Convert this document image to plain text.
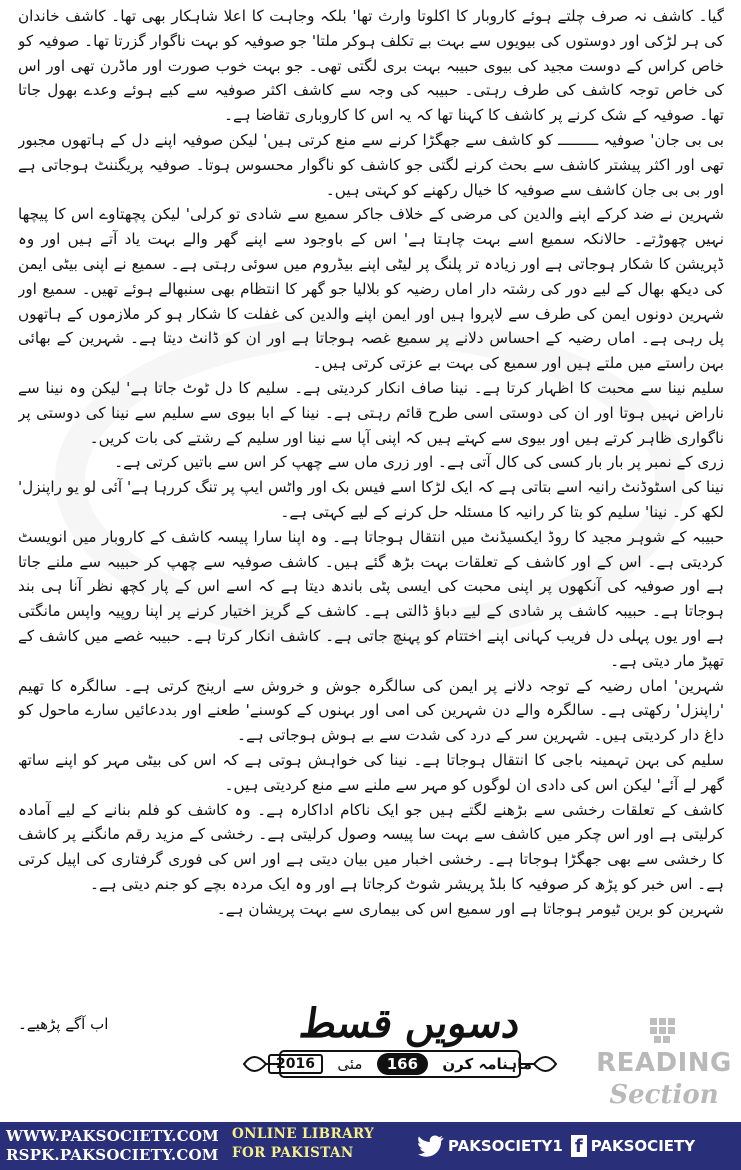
گیا۔ کاشف نہ صرف چلتے ہوئے کاروبار کا اکلوتا وارث تھا' بلکہ وجاہت کا اعلا شاہکار بھی تھا۔ کاشف خاندان کی ہر لڑکی اور دوستوں کی بیویوں سے بہت بے تکلف ہوکر ملتا' جو صوفیہ کو بہت ناگوار گزرتا تھا۔ صوفیہ کو خاص کراس کے دوست مجید کی بیوی حبیبہ بہت بری لگتی تھی۔ جو بہت خوب صورت اور ماڈرن تھی اور اس کی خاص توجہ کاشف کی طرف رہتی۔ حبیبہ کی وجہ سے کاشف اکثر صوفیہ سے کیے ہوئے وعدے بھول جاتا تھا۔ صوفیہ کے شک کرنے پر کاشف کا کہنا تھا کہ یہ اس کا کاروباری تقاضا ہے۔

بی بی جان' صوفیہ ـــــــــ کو کاشف سے جھگڑا کرنے سے منع کرتی ہیں' لیکن صوفیہ اپنے دل کے ہاتھوں مجبور تھی اور اکثر پیشتر کاشف سے بحث کرنے لگتی جو کاشف کو ناگوار محسوس ہوتا۔ صوفیہ پریگننٹ ہوجاتی ہے اور بی بی جان کاشف سے صوفیہ کا خیال رکھنے کو کہتی ہیں۔

شہرین نے ضد کرکے اپنے والدین کی مرضی کے خلاف جاکر سمیع سے شادی تو کرلی' لیکن پچھتاوے اس کا پیچھا نہیں چھوڑتے۔ حالانکہ سمیع اسے بہت چاہتا ہے' اس کے باوجود سے اپنے گھر والے بہت یاد آتے ہیں اور وہ ڈپریشن کا شکار ہوجاتی ہے اور زیادہ تر پلنگ پر لیٹی اپنے بیڈروم میں سوئی رہتی ہے۔ سمیع نے اپنی بیٹی ایمن کی دیکھ بھال کے لیے دور کی رشتہ دار اماں رضیہ کو بلالیا جو گھر کا انتظام بھی سنبھالے ہوئے تھیں۔ سمیع اور شہرین دونوں ایمن کی طرف سے لاپروا ہیں اور ایمن اپنے والدین کی غفلت کا شکار ہو کر ملازموں کے ہاتھوں پل رہی ہے۔ اماں رضیہ کے احساس دلانے پر سمیع غصہ ہوجاتا ہے اور ان کو ڈانٹ دیتا ہے۔ شہرین کے بھائی بہن راستے میں ملتے ہیں اور سمیع کی بہت بے عزتی کرتی ہیں۔

سلیم نینا سے محبت کا اظہار کرتا ہے۔ نینا صاف انکار کردیتی ہے۔ سلیم کا دل ٹوٹ جاتا ہے' لیکن وہ نینا سے ناراض نہیں ہوتا اور ان کی دوستی اسی طرح قائم رہتی ہے۔ نینا کے ابا بیوی سے سلیم سے نینا کی دوستی پر ناگواری ظاہر کرتے ہیں اور بیوی سے کہتے ہیں کہ اپنی آپا سے نینا اور سلیم کے رشتے کی بات کریں۔

زری کے نمبر پر بار بار کسی کی کال آتی ہے۔ اور زری ماں سے چھپ کر اس سے باتیں کرتی ہے۔

نینا کی اسٹوڈنٹ رانیہ اسے بتاتی ہے کہ ایک لڑکا اسے فیس بک اور واٹس ایپ پر تنگ کررہا ہے' آئی لو یو راپنزل' لکھ کر۔ نینا' سلیم کو بتا کر رانیہ کا مسئلہ حل کرنے کے لیے کہتی ہے۔

حبیبہ کے شوہر مجید کا روڈ ایکسیڈنٹ میں انتقال ہوجاتا ہے۔ وہ اپنا سارا پیسہ کاشف کے کاروبار میں انویسٹ کردیتی ہے۔ اس کے اور کاشف کے تعلقات بہت بڑھ گئے ہیں۔ کاشف صوفیہ سے چھپ کر حبیبہ سے ملنے جاتا ہے اور صوفیہ کی آنکھوں پر اپنی محبت کی ایسی پٹی باندھ دیتا ہے کہ اسے اس کے پار کچھ نظر آنا ہی بند ہوجاتا ہے۔ حبیبہ کاشف پر شادی کے لیے دباؤ ڈالتی ہے۔ کاشف کے گریز اختیار کرنے پر اپنا روپیہ واپس مانگتی ہے اور یوں پہلی دل فریب کہانی اپنے اختتام کو پہنچ جاتی ہے۔ کاشف انکار کرتا ہے۔ حبیبہ غصے میں کاشف کے تھپڑ مار دیتی ہے۔

شہرین' اماں رضیہ کے توجہ دلانے پر ایمن کی سالگرہ جوش و خروش سے ارینج کرتی ہے۔ سالگرہ کا تھیم 'راپنزل' رکھتی ہے۔ سالگرہ والے دن شہرین کی امی اور بہنوں کے کوسنے' طعنے اور بددعائیں سارے ماحول کو داغ دار کردیتی ہیں۔ شہرین سر کے درد کی شدت سے بے ہوش ہوجاتی ہے۔

سلیم کی بہن تہمینہ باجی کا انتقال ہوجاتا ہے۔ نینا کی خواہش ہوتی ہے کہ اس کی بیٹی مہر کو اپنے ساتھ گھر لے آئے' لیکن اس کی دادی ان لوگوں کو مہر سے ملنے سے منع کردیتی ہیں۔

کاشف کے تعلقات رخشی سے بڑھنے لگتے ہیں جو ایک ناکام اداکارہ ہے۔ وہ کاشف کو فلم بنانے کے لیے آمادہ کرلیتی ہے اور اس چکر میں کاشف سے بہت سا پیسہ وصول کرلیتی ہے۔ رخشی کے مزید رقم مانگنے پر کاشف کا رخشی سے بھی جھگڑا ہوجاتا ہے۔ رخشی اخبار میں بیان دیتی ہے اور اس کی فوری گرفتاری کی اپیل کرتی ہے۔ اس خبر کو پڑھ کر صوفیہ کا بلڈ پریشر شوٹ کرجاتا ہے اور وہ ایک مردہ بچے کو جنم دیتی ہے۔

شہرین کو برین ٹیومر ہوجاتا ہے اور سمیع اس کی بیماری سے بہت پریشان ہے۔

اب آگے پڑھیے۔	دسویں قسط
ماہنامہ کرن
166
مئی
2016	READING
Section
WWW.PAKSOCIETY.COM
RSPK.PAKSOCIETY.COM
ONLINE LIBRARY
FOR PAKISTAN	PAKSOCIETY1 f PAKSOCIETY
